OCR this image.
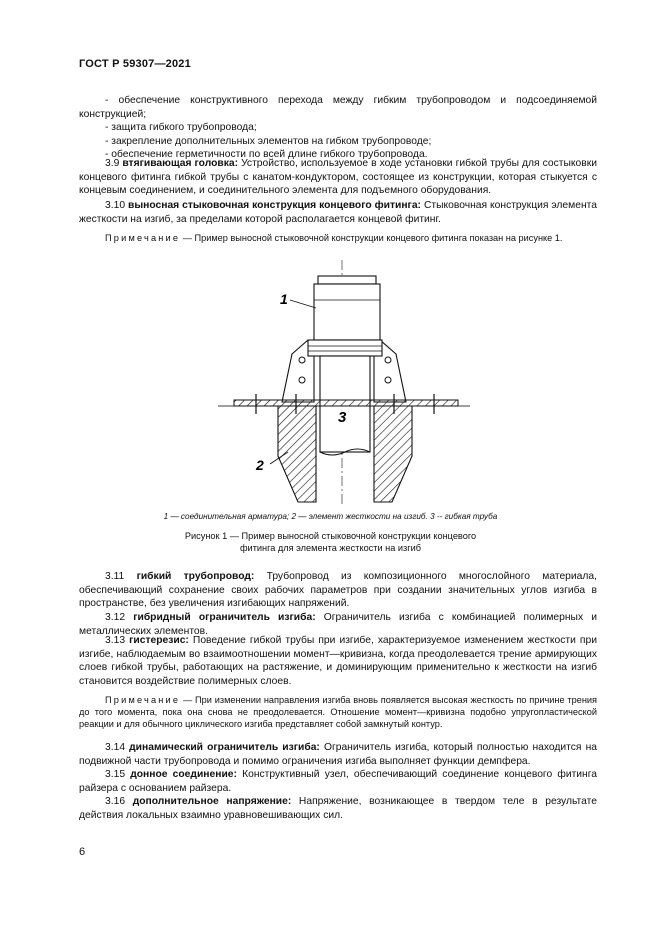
ГОСТ Р 59307—2021

- обеспечение конструктивного перехода между гибким трубопроводом и подсоединяемой конструкцией;

- защита гибкого трубопровода;

- закрепление дополнительных элементов на гибком трубопроводе;

- обеспечение герметичности по всей длине гибкого трубопровода.

3.9 втягивающая головка: Устройство, используемое в ходе установки гибкой трубы для состыковки концевого фитинга гибкой трубы с канатом-кондуктором, состоящее из конструкции, которая стыкуется с концевым соединением, и соединительного элемента для подъемного оборудования.

3.10 выносная стыковочная конструкция концевого фитинга: Стыковочная конструкция элемента жесткости на изгиб, за пределами которой располагается концевой фитинг.

Примечание — Пример выносной стыковочной конструкции концевого фитинга показан на рисунке 1.

1
2
3
1 — соединительная арматура; 2 — элемент жесткости на изгиб. 3 -- гибкая труба
Рисунок 1 — Пример выносной стыковочной конструкции концевого
фитинга для элемента жесткости на изгиб

3.11 гибкий трубопровод: Трубопровод из композиционного многослойного материала, обеспечивающий сохранение своих рабочих параметров при создании значительных углов изгиба в пространстве, без увеличения изгибающих напряжений.

3.12 гибридный ограничитель изгиба: Ограничитель изгиба с комбинацией полимерных и металлических элементов.

3.13 гистерезис: Поведение гибкой трубы при изгибе, характеризуемое изменением жесткости при изгибе, наблюдаемым во взаимоотношении момент—кривизна, когда преодолевается трение армирующих слоев гибкой трубы, работающих на растяжение, и доминирующим применительно к жесткости на изгиб становится воздействие полимерных слоев.

Примечание — При изменении направления изгиба вновь появляется высокая жесткость по причине трения до того момента, пока она снова не преодолевается. Отношение момент—кривизна подобно упругопластической реакции и для обычного циклического изгиба представляет собой замкнутый контур.

3.14 динамический ограничитель изгиба: Ограничитель изгиба, который полностью находится на подвижной части трубопровода и помимо ограничения изгиба выполняет функции демпфера.

3.15 донное соединение: Конструктивный узел, обеспечивающий соединение концевого фитинга райзера с основанием райзера.

3.16 дополнительное напряжение: Напряжение, возникающее в твердом теле в результате действия локальных взаимно уравновешивающих сил.

6
